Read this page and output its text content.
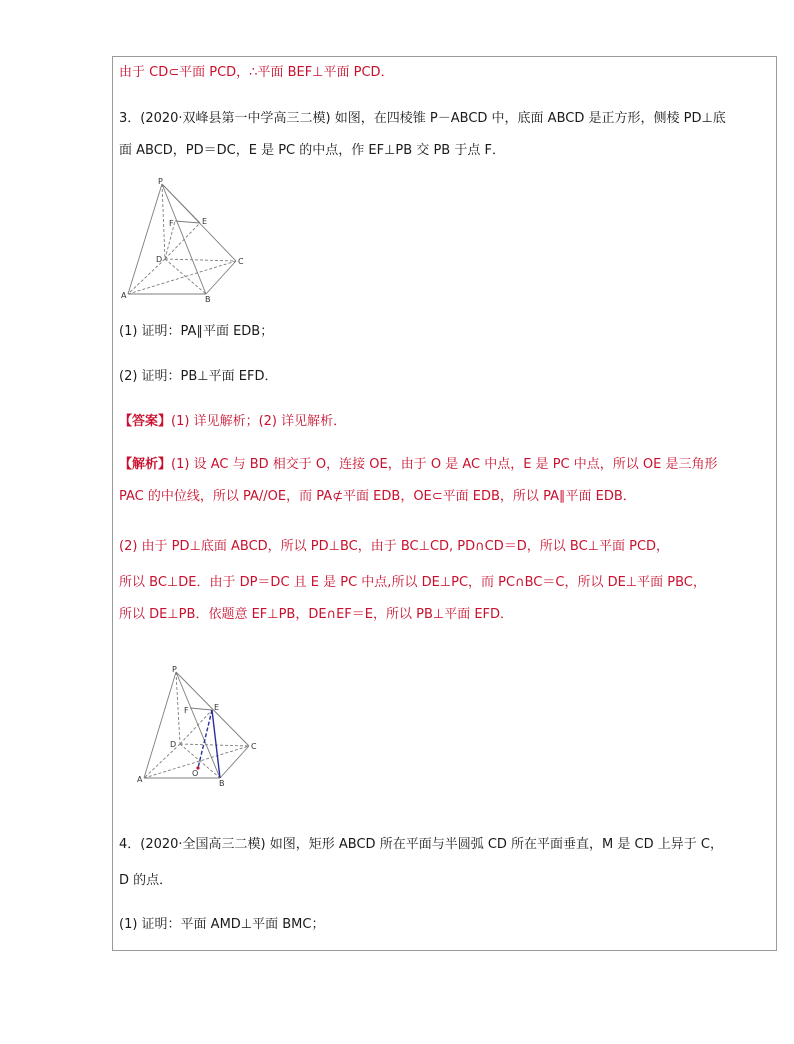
由于 CD⊂平面 PCD，∴平面 BEF⊥平面 PCD．
3．(2020·双峰县第一中学高三二模) 如图，在四棱锥 P－ABCD 中，底面 ABCD 是正方形，侧棱 PD⊥底
面 ABCD，PD＝DC，E 是 PC 的中点，作 EF⊥PB 交 PB 于点 F．
P
E
F
D	C
A	B
(1) 证明：PA∥平面 EDB；
(2) 证明：PB⊥平面 EFD．
【答案】(1) 详见解析；(2) 详见解析．
【解析】(1) 设 AC 与 BD 相交于 O，连接 OE，由于 O 是 AC 中点，E 是 PC 中点，所以 OE 是三角形
PAC 的中位线，所以 PA//OE，而 PA⊄平面 EDB，OE⊂平面 EDB，所以 PA∥平面 EDB．
(2) 由于 PD⊥底面 ABCD，所以 PD⊥BC，由于 BC⊥CD, PD∩CD＝D，所以 BC⊥平面 PCD，
所以 BC⊥DE．由于 DP＝DC 且 E 是 PC 中点,所以 DE⊥PC，而 PC∩BC＝C，所以 DE⊥平面 PBC，
所以 DE⊥PB．依题意 EF⊥PB，DE∩EF＝E，所以 PB⊥平面 EFD．
P
E
F
D	C
A	B
O
4．(2020·全国高三二模) 如图，矩形 ABCD 所在平面与半圆弧 CD 所在平面垂直，M 是 CD 上异于 C，
D 的点．
(1) 证明：平面 AMD⊥平面 BMC；
